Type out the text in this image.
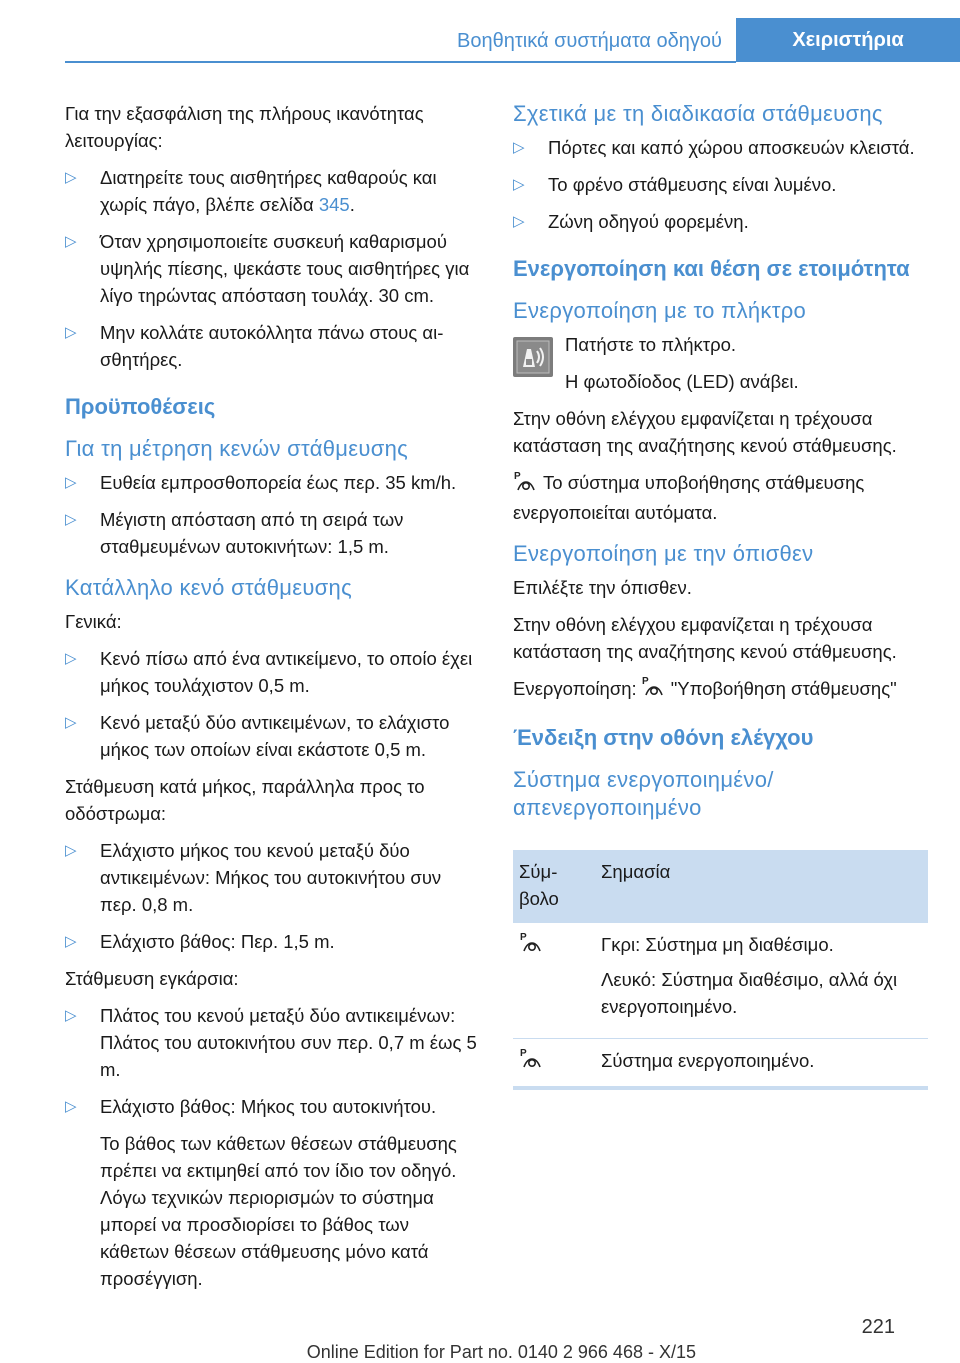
Βοηθητικά συστήματα οδηγού	Χειριστήρια

Για την εξασφάλιση της πλήρους ικανότητας λειτουργίας:

▷ Διατηρείτε τους αισθητήρες καθαρούς και χωρίς πάγο, βλέπε σελίδα 345.
▷ Όταν χρησιμοποιείτε συσκευή καθαρισμού υψηλής πίεσης, ψεκάστε τους αισθητήρες για λίγο τηρώντας απόσταση τουλάχ. 30 cm.
▷ Μην κολλάτε αυτοκόλλητα πάνω στους αισθητήρες.
Προϋποθέσεις
Για τη μέτρηση κενών στάθμευσης
▷ Ευθεία εμπροσθοπορεία έως περ. 35 km/h.
▷ Μέγιστη απόσταση από τη σειρά των σταθμευμένων αυτοκινήτων: 1,5 m.
Κατάλληλο κενό στάθμευσης

Γενικά:

▷ Κενό πίσω από ένα αντικείμενο, το οποίο έχει μήκος τουλάχιστον 0,5 m.
▷ Κενό μεταξύ δύο αντικειμένων, το ελάχιστο μήκος των οποίων είναι εκάστοτε 0,5 m.

Στάθμευση κατά μήκος, παράλληλα προς το οδόστρωμα:

▷ Ελάχιστο μήκος του κενού μεταξύ δύο αντικειμένων: Μήκος του αυτοκινήτου συν περ. 0,8 m.
▷ Ελάχιστο βάθος: Περ. 1,5 m.

Στάθμευση εγκάρσια:

▷ Πλάτος του κενού μεταξύ δύο αντικειμένων: Πλάτος του αυτοκινήτου συν περ. 0,7 m έως 5 m.
▷ Ελάχιστο βάθος: Μήκος του αυτοκινήτου.

Το βάθος των κάθετων θέσεων στάθμευσης πρέπει να εκτιμηθεί από τον ίδιο τον οδηγό. Λόγω τεχνικών περιορισμών το σύστημα μπορεί να προσδιορίσει το βάθος των κάθετων θέσεων στάθμευσης μόνο κατά προσέγγιση.

Σχετικά με τη διαδικασία στάθμευσης
▷ Πόρτες και καπό χώρου αποσκευών κλειστά.
▷ Το φρένο στάθμευσης είναι λυμένο.
▷ Ζώνη οδηγού φορεμένη.
Ενεργοποίηση και θέση σε ετοιμότητα
Ενεργοποίηση με το πλήκτρο

Πατήστε το πλήκτρο.

Η φωτοδίοδος (LED) ανάβει.

Στην οθόνη ελέγχου εμφανίζεται η τρέχουσα κατάσταση της αναζήτησης κενού στάθμευσης.

P Το σύστημα υποβοήθησης στάθμευσης ενεργοποιείται αυτόματα.

Ενεργοποίηση με την όπισθεν

Επιλέξτε την όπισθεν.

Στην οθόνη ελέγχου εμφανίζεται η τρέχουσα κατάσταση της αναζήτησης κενού στάθμευσης.

Ενεργοποίηση: P "Υποβοήθηση στάθμευσης"

Ένδειξη στην οθόνη ελέγχου
Σύστημα ενεργοποιημένο/ απενεργοποιημένο
Σύμβολο	Σημασία

P	Γκρι: Σύστημα μη διαθέσιμο.

Λευκό: Σύστημα διαθέσιμο, αλλά όχι ενεργοποιημένο.

P	Σύστημα ενεργοποιημένο.
221
Online Edition for Part no. 0140 2 966 468 - X/15
